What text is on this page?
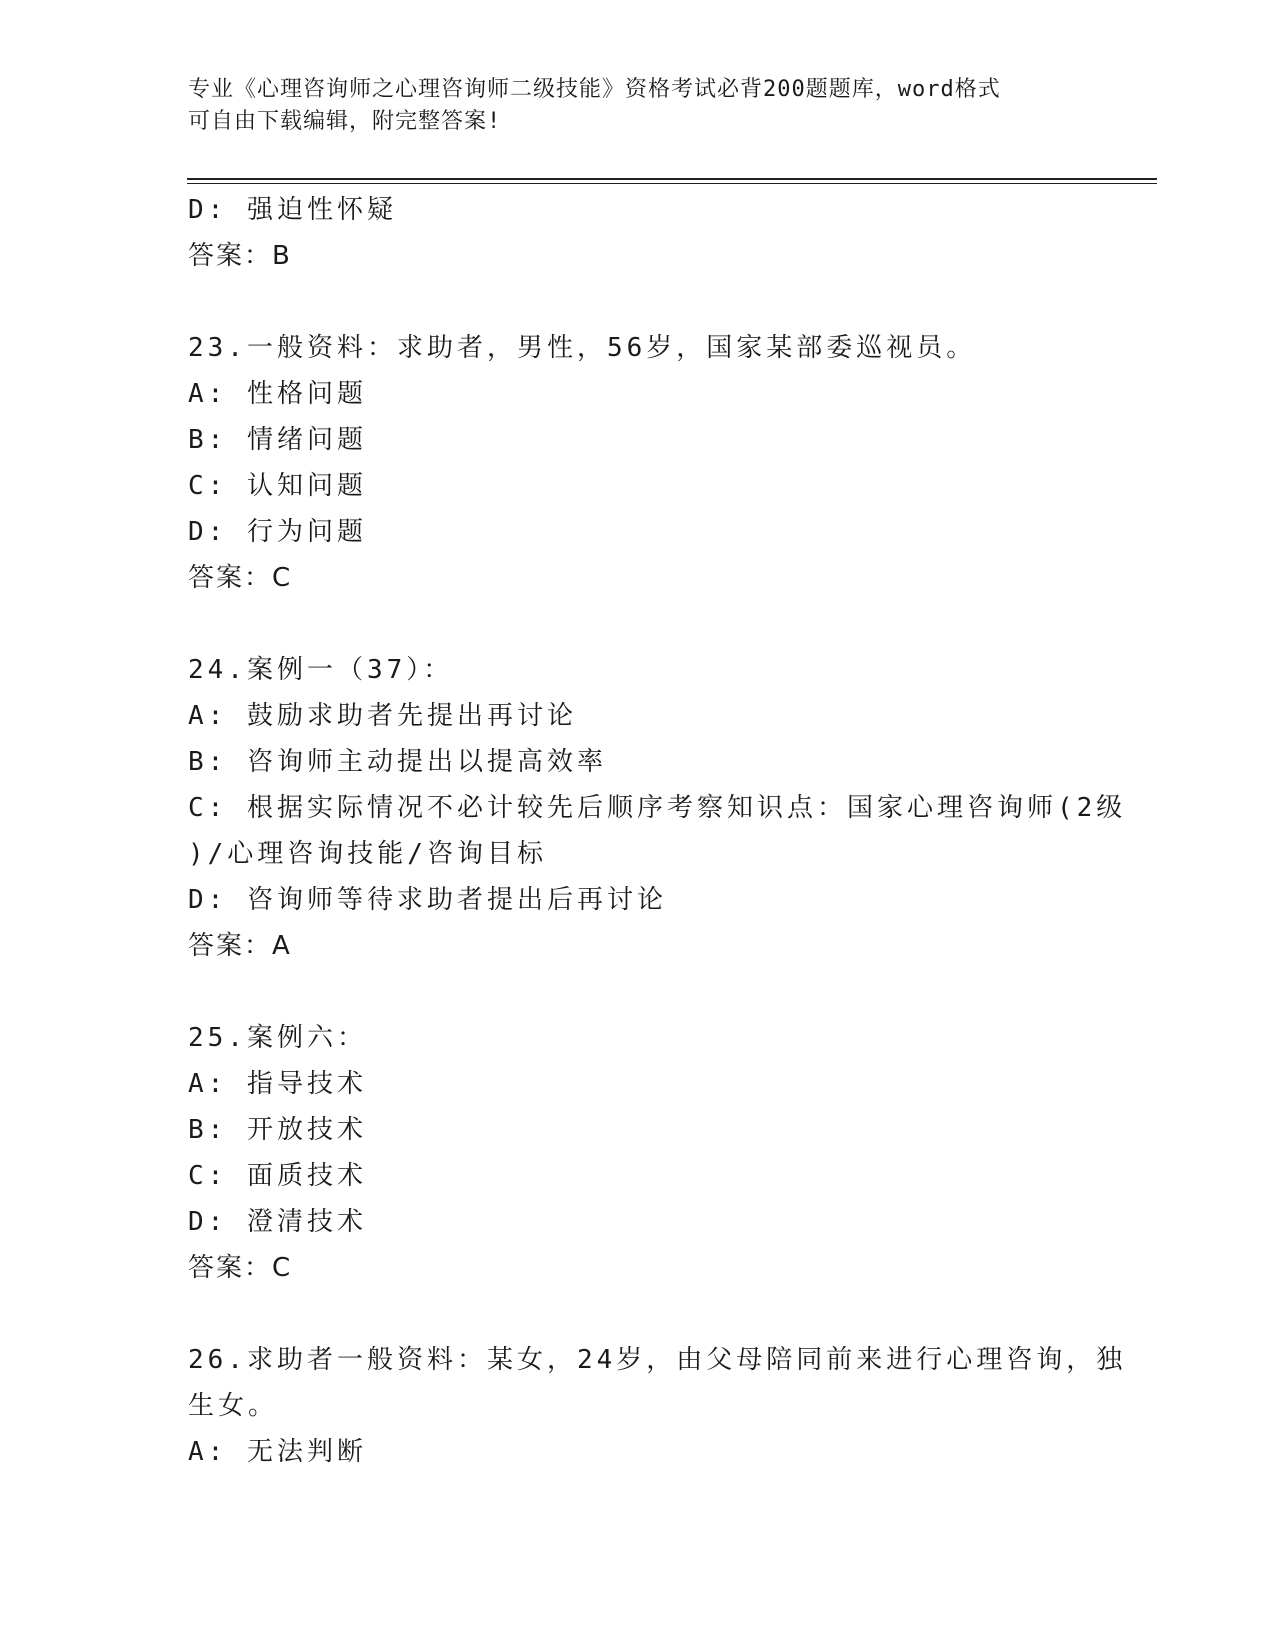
专业《心理咨询师之心理咨询师二级技能》资格考试必背200题题库，word格式
可自由下载编辑，附完整答案!
D: 强迫性怀疑
答案：B
23.一般资料：求助者，男性，56岁，国家某部委巡视员。
A: 性格问题
B: 情绪问题
C: 认知问题
D: 行为问题
答案：C
24.案例一（37）：
A: 鼓励求助者先提出再讨论
B: 咨询师主动提出以提高效率
C: 根据实际情况不必计较先后顺序考察知识点：国家心理咨询师(2级
)/心理咨询技能/咨询目标
D: 咨询师等待求助者提出后再讨论
答案：A
25.案例六：
A: 指导技术
B: 开放技术
C: 面质技术
D: 澄清技术
答案：C
26.求助者一般资料：某女，24岁，由父母陪同前来进行心理咨询，独
生女。
A: 无法判断
